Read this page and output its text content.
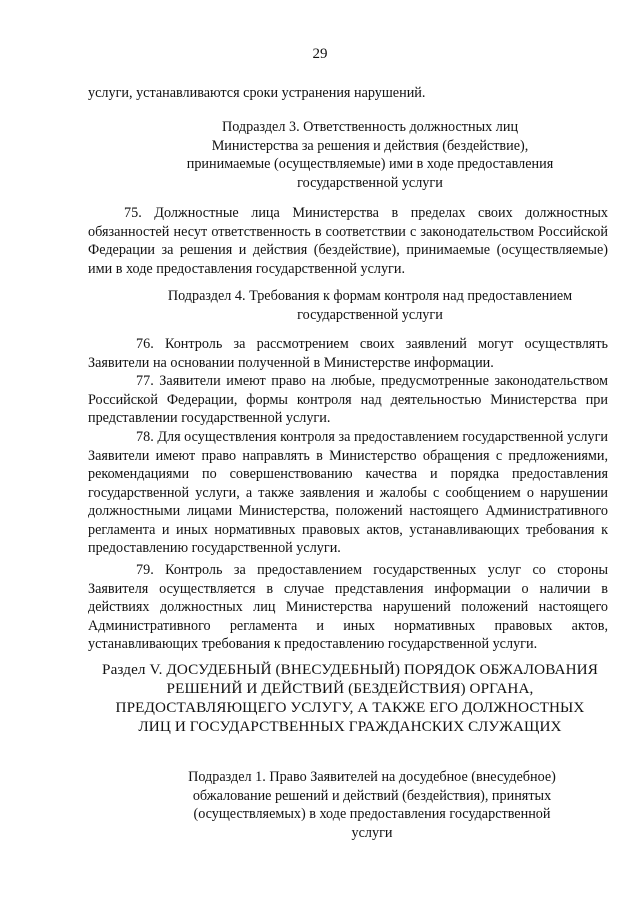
29
услуги, устанавливаются сроки устранения нарушений.
Подраздел 3. Ответственность должностных лиц Министерства за решения и действия (бездействие), принимаемые (осуществляемые) ими в ходе предоставления государственной услуги
75. Должностные лица Министерства в пределах своих должностных обязанностей несут ответственность в соответствии с законодательством Российской Федерации за решения и действия (бездействие), принимаемые (осуществляемые) ими в ходе предоставления государственной услуги.
Подраздел 4. Требования к формам контроля над предоставлением государственной услуги
76. Контроль за рассмотрением своих заявлений могут осуществлять Заявители на основании полученной в Министерстве информации.
77. Заявители имеют право на любые, предусмотренные законодательством Российской Федерации, формы контроля над деятельностью Министерства при представлении государственной услуги.
78. Для осуществления контроля за предоставлением государственной услуги Заявители имеют право направлять в Министерство обращения с предложениями, рекомендациями по совершенствованию качества и порядка предоставления государственной услуги, а также заявления и жалобы с сообщением о нарушении должностными лицами Министерства, положений настоящего Административного регламента и иных нормативных правовых актов, устанавливающих требования к предоставлению государственной услуги.
79. Контроль за предоставлением государственных услуг со стороны Заявителя осуществляется в случае представления информации о наличии в действиях должностных лиц Министерства нарушений положений настоящего Административного регламента и иных нормативных правовых актов, устанавливающих требования к предоставлению государственной услуги.
Раздел V. ДОСУДЕБНЫЙ (ВНЕСУДЕБНЫЙ) ПОРЯДОК ОБЖАЛОВАНИЯ РЕШЕНИЙ И ДЕЙСТВИЙ (БЕЗДЕЙСТВИЯ) ОРГАНА, ПРЕДОСТАВЛЯЮЩЕГО УСЛУГУ, А ТАКЖЕ ЕГО ДОЛЖНОСТНЫХ ЛИЦ И ГОСУДАРСТВЕННЫХ ГРАЖДАНСКИХ СЛУЖАЩИХ
Подраздел 1. Право Заявителей на досудебное (внесудебное) обжалование решений и действий (бездействия), принятых (осуществляемых) в ходе предоставления государственной услуги
